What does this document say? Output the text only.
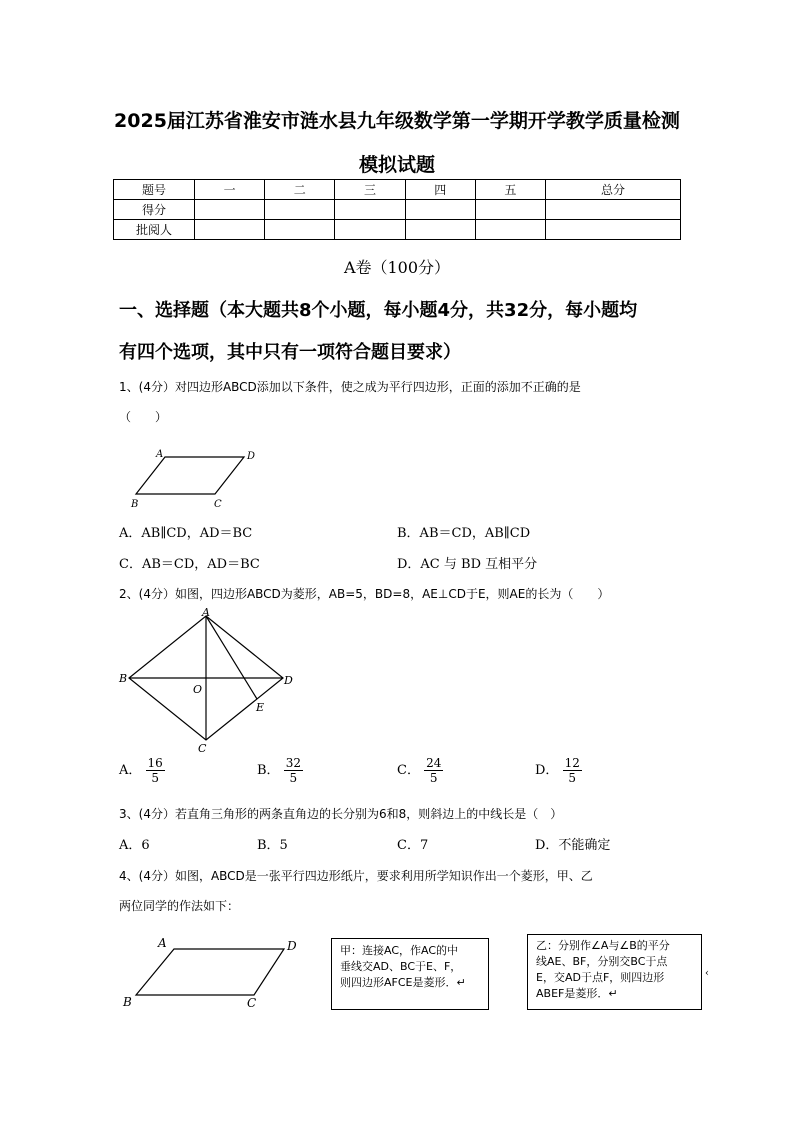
2025届江苏省淮安市涟水县九年级数学第一学期开学教学质量检测
模拟试题
题号	一	二	三	四	五	总分
得分						
批阅人						
A卷（100分）
一、选择题（本大题共8个小题，每小题4分，共32分，每小题均
有四个选项，其中只有一项符合题目要求）
1、(4分）对四边形ABCD添加以下条件，使之成为平行四边形，正面的添加不正确的是
（　　）
A	D
B	C
A．AB∥CD，AD＝BC	B．AB＝CD，AB∥CD
C．AB＝CD，AD＝BC	D．AC 与 BD 互相平分
2、(4分）如图，四边形ABCD为菱形，AB=5，BD=8，AE⊥CD于E，则AE的长为（　　）
A
B
O
D
E
C
A． $\frac{16}{5}$	B． $\frac{32}{5}$	C． $\frac{24}{5}$	D． $\frac{12}{5}$
3、(4分）若直角三角形的两条直角边的长分别为6和8，则斜边上的中线长是（　）
A．6	B．5	C．7	D．不能确定
4、(4分）如图，ABCD是一张平行四边形纸片，要求利用所学知识作出一个菱形，甲、乙
两位同学的作法如下：
A	D
B	C
甲：连接AC，作AC的中
垂线交AD、BC于E、F，
则四边形AFCE是菱形．↵
乙：分别作∠A与∠B的平分
线AE、BF，分别交BC于点
E，交AD于点F，则四边形
ABEF是菱形．↵
‹
